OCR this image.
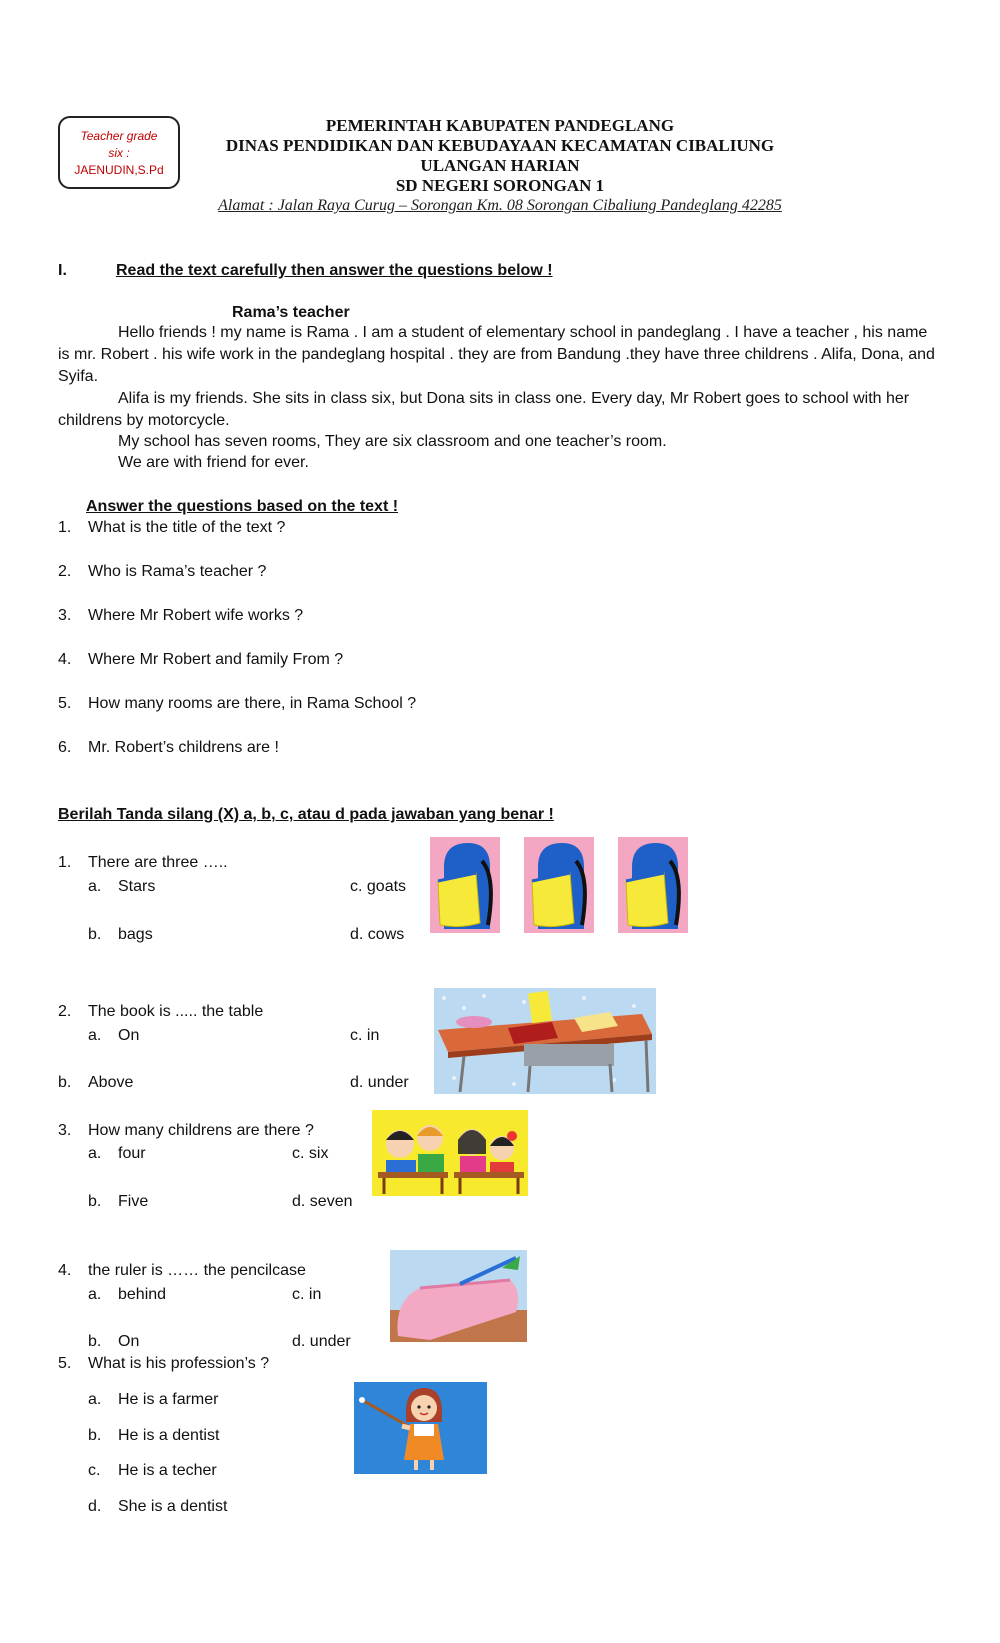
Teacher grade
six :
JAENUDIN,S.Pd
PEMERINTAH KABUPATEN PANDEGLANG
DINAS PENDIDIKAN DAN KEBUDAYAAN KECAMATAN CIBALIUNG
ULANGAN HARIAN
SD NEGERI SORONGAN 1
Alamat : Jalan Raya Curug – Sorongan Km. 08 Sorongan Cibaliung Pandeglang 42285
I.	Read the text carefully then answer the questions below !
Rama’s teacher
Hello friends ! my name is Rama . I am a student of elementary school in pandeglang . I have a teacher , his name is mr. Robert . his wife work in the pandeglang hospital . they are from Bandung .they have three childrens . Alifa, Dona, and Syifa.
Alifa is my friends. She sits in class six, but Dona sits in class one. Every day, Mr Robert goes to school with her childrens by motorcycle.
My school has seven rooms, They are six classroom and one teacher’s room.
We are with friend for ever.
Answer the questions based on the text !
1. What is the title of the text ?
2. Who is Rama’s teacher ?
3. Where Mr Robert wife works ?
4. Where Mr Robert and family From ?
5. How many rooms are there, in Rama School ?
6. Mr. Robert’s childrens are !
Berilah Tanda silang (X) a, b, c, atau d pada jawaban yang benar !
1. There are three …..
a. Stars
b. bags
c. goats
d. cows
2. The book is ..... the table
a. On
b. Above
c. in
d. under
3. How many childrens are there ?
a. four
b. Five
c. six
d. seven
4. the ruler is …… the pencilcase
a. behind
b. On
c. in
d. under
5. What is his profession’s ?
a. He is a farmer
b. He is a dentist
c. He is a techer
d. She is a dentist
